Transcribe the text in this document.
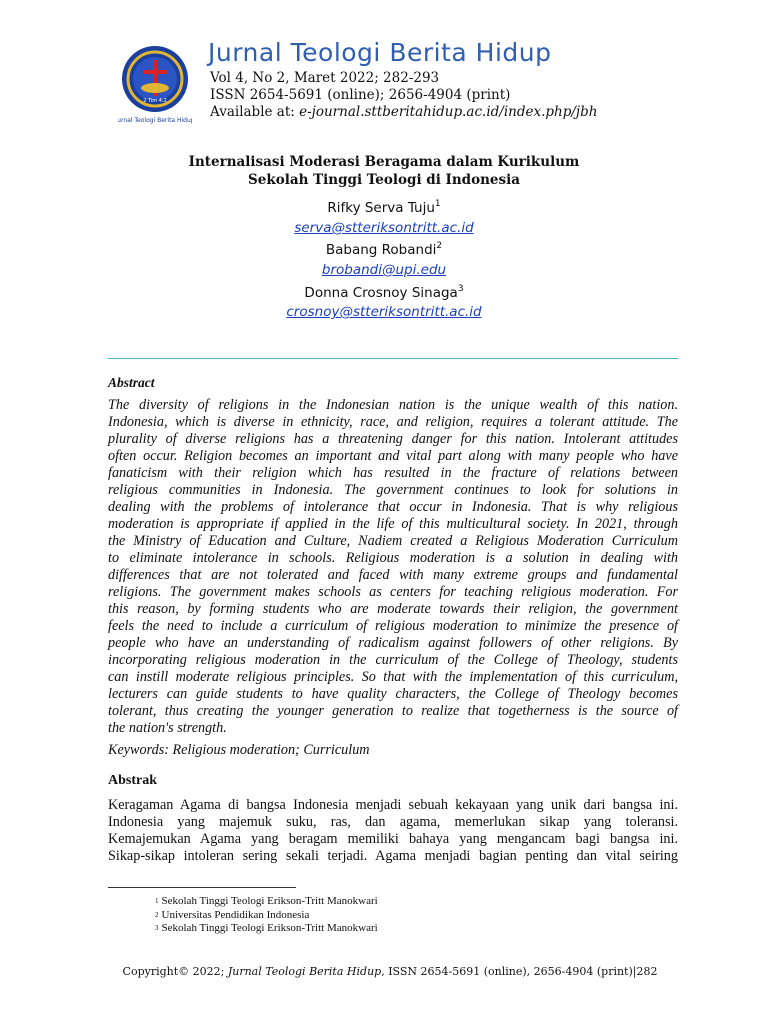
2 Tim 4:2
Jurnal Teologi Berita Hidup
Jurnal Teologi Berita Hidup
Vol 4, No 2, Maret 2022; 282-293
ISSN 2654-5691 (online); 2656-4904 (print)
Available at: e-journal.sttberitahidup.ac.id/index.php/jbh
Internalisasi Moderasi Beragama dalam Kurikulum
Sekolah Tinggi Teologi di Indonesia
Rifky Serva Tuju$^1$
serva@stteriksontritt.ac.id
Babang Robandi$^2$
brobandi@upi.edu
Donna Crosnoy Sinaga$^3$
crosnoy@stteriksontritt.ac.id
Abstract
The diversity of religions in the Indonesian nation is the unique wealth of this nation.
Indonesia, which is diverse in ethnicity, race, and religion, requires a tolerant attitude. The
plurality of diverse religions has a threatening danger for this nation. Intolerant attitudes
often occur. Religion becomes an important and vital part along with many people who have
fanaticism with their religion which has resulted in the fracture of relations between
religious communities in Indonesia. The government continues to look for solutions in
dealing with the problems of intolerance that occur in Indonesia. That is why religious
moderation is appropriate if applied in the life of this multicultural society. In 2021, through
the Ministry of Education and Culture, Nadiem created a Religious Moderation Curriculum
to eliminate intolerance in schools. Religious moderation is a solution in dealing with
differences that are not tolerated and faced with many extreme groups and fundamental
religions. The government makes schools as centers for teaching religious moderation. For
this reason, by forming students who are moderate towards their religion, the government
feels the need to include a curriculum of religious moderation to minimize the presence of
people who have an understanding of radicalism against followers of other religions. By
incorporating religious moderation in the curriculum of the College of Theology, students
can instill moderate religious principles. So that with the implementation of this curriculum,
lecturers can guide students to have quality characters, the College of Theology becomes
tolerant, thus creating the younger generation to realize that togetherness is the source of
the nation's strength.
Keywords: Religious moderation; Curriculum
Abstrak
Keragaman Agama di bangsa Indonesia menjadi sebuah kekayaan yang unik dari bangsa ini.
Indonesia yang majemuk suku, ras, dan agama, memerlukan sikap yang toleransi.
Kemajemukan Agama yang beragam memiliki bahaya yang mengancam bagi bangsa ini.
Sikap-sikap intoleran sering sekali terjadi. Agama menjadi bagian penting dan vital seiring
$^1$ Sekolah Tinggi Teologi Erikson-Tritt Manokwari
$^2$ Universitas Pendidikan Indonesia
$^3$ Sekolah Tinggi Teologi Erikson-Tritt Manokwari
Copyright© 2022; Jurnal Teologi Berita Hidup, ISSN 2654-5691 (online), 2656-4904 (print)|282
